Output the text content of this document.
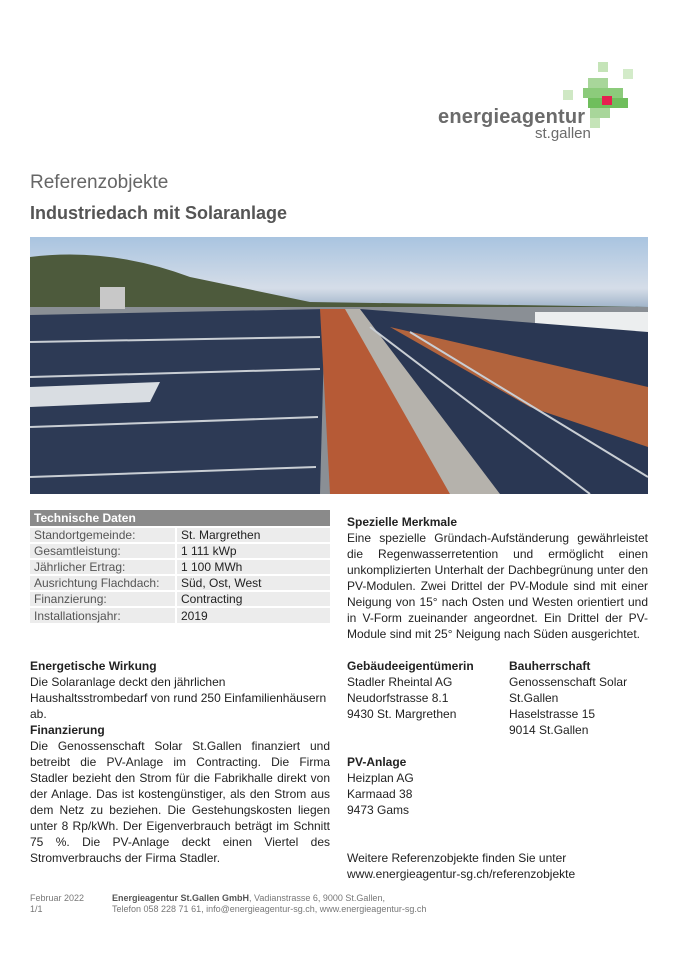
energieagentur
st.gallen
Referenzobjekte
Industriedach mit Solaranlage
Technische Daten	
Standortgemeinde:	St. Margrethen
Gesamtleistung:	1 111 kWp
Jährlicher Ertrag:	1 100 MWh
Ausrichtung Flachdach:	Süd, Ost, West
Finanzierung:	Contracting
Installationsjahr:	2019
Spezielle Merkmale
Eine spezielle Gründach-Aufständerung gewährleistet die Regenwasserretention und ermöglicht einen unkomplizierten Unterhalt der Dachbegrünung unter den PV-Modulen. Zwei Drittel der PV-Module sind mit einer Neigung von 15° nach Osten und Westen orientiert und in V-Form zueinander angeordnet. Ein Drittel der PV-Module sind mit 25° Neigung nach Süden ausgerichtet.
Energetische Wirkung
Die Solaranlage deckt den jährlichen Haushaltsstrombedarf von rund 250 Einfamilienhäusern ab.
Finanzierung
Die Genossenschaft Solar St.Gallen finanziert und betreibt die PV-Anlage im Contracting. Die Firma Stadler bezieht den Strom für die Fabrikhalle direkt von der Anlage. Das ist kostengünstiger, als den Strom aus dem Netz zu beziehen. Die Gestehungskosten liegen unter 8 Rp/kWh. Der Eigenverbrauch beträgt im Schnitt 75 %. Die PV-Anlage deckt einen Viertel des Stromverbrauchs der Firma Stadler.
Gebäudeeigentümerin
Stadler Rheintal AG
Neudorfstrasse 8.1
9430 St. Margrethen
Bauherrschaft
Genossenschaft Solar
St.Gallen
Haselstrasse 15
9014 St.Gallen
PV-Anlage
Heizplan AG
Karmaad 38
9473 Gams
Weitere Referenzobjekte finden Sie unter
www.energieagentur-sg.ch/referenzobjekte
Februar 2022
1/1
Energieagentur St.Gallen GmbH, Vadianstrasse 6, 9000 St.Gallen,
Telefon 058 228 71 61, info@energieagentur-sg.ch, www.energieagentur-sg.ch
